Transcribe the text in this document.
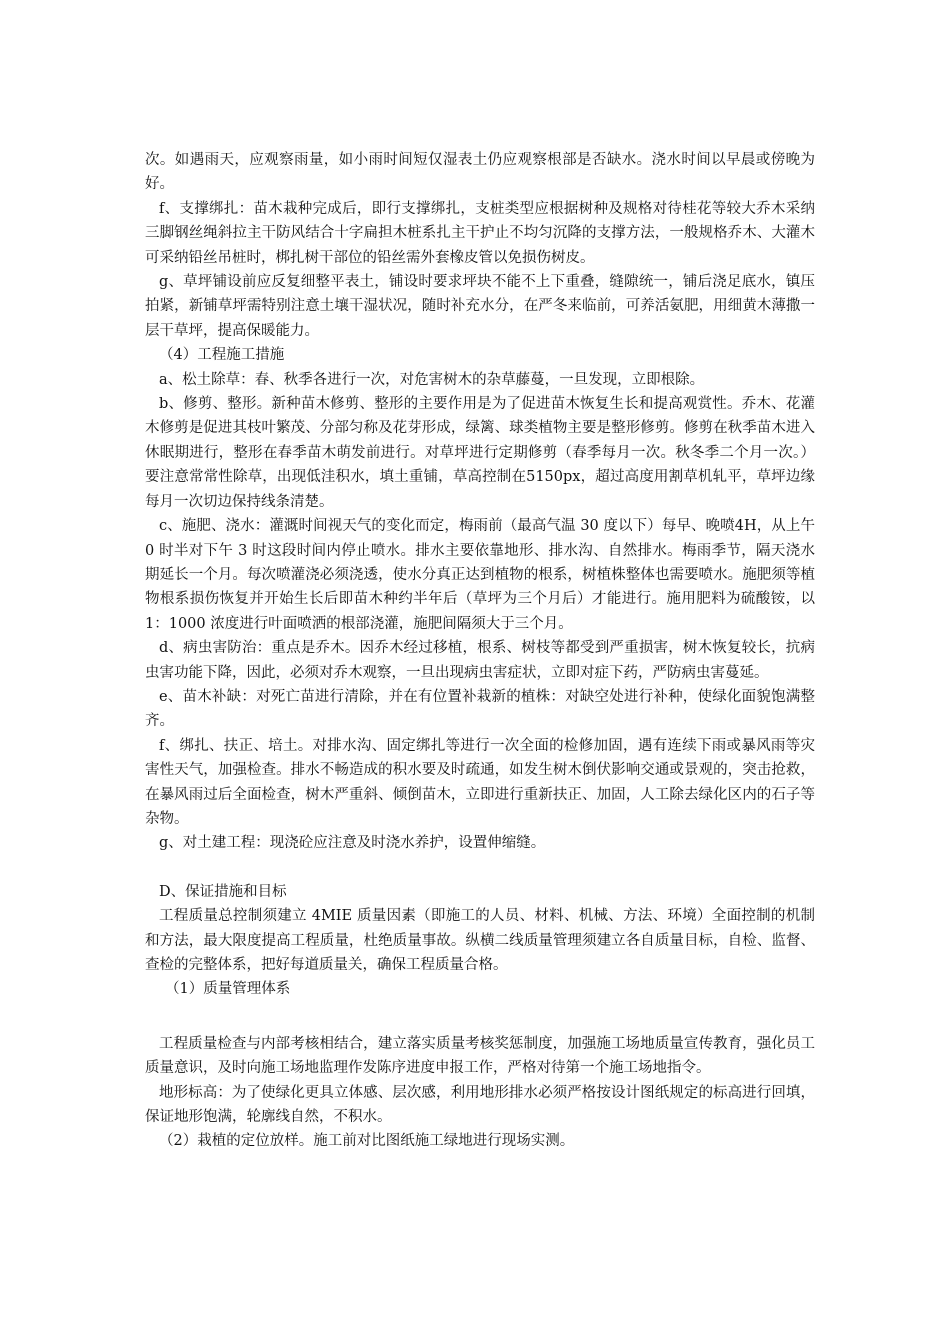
次。如遇雨天，应观察雨量，如小雨时间短仅湿表土仍应观察根部是否缺水。浇水时间以早晨或傍晚为好。

f、支撑绑扎：苗木栽种完成后，即行支撑绑扎，支桩类型应根据树种及规格对待桂花等较大乔木采纳三脚钢丝绳斜拉主干防风结合十字扁担木桩系扎主干护止不均匀沉降的支撑方法，一般规格乔木、大灌木可采纳铅丝吊桩时，梆扎树干部位的铅丝需外套橡皮管以免损伤树皮。

g、草坪铺设前应反复细整平表土，铺设时要求坪块不能不上下重叠，缝隙统一，铺后浇足底水，镇压拍紧，新铺草坪需特别注意土壤干湿状况，随时补充水分，在严冬来临前，可养活氨肥，用细黄木薄撒一层干草坪，提高保暖能力。

（4）工程施工措施

a、松土除草：春、秋季各进行一次，对危害树木的杂草藤蔓，一旦发现，立即根除。

b、修剪、整形。新种苗木修剪、整形的主要作用是为了促进苗木恢复生长和提高观赏性。乔木、花灌木修剪是促进其枝叶繁茂、分部匀称及花芽形成，绿篱、球类植物主要是整形修剪。修剪在秋季苗木进入休眠期进行，整形在春季苗木萌发前进行。对草坪进行定期修剪（春季每月一次。秋冬季二个月一次。）要注意常常性除草，出现低洼积水，填土重铺，草高控制在5150px，超过高度用割草机轧平，草坪边缘每月一次切边保持线条清楚。

c、施肥、浇水：灌溉时间视天气的变化而定，梅雨前（最高气温 30 度以下）每早、晚喷4H，从上午 0 时半对下午 3 时这段时间内停止喷水。排水主要依靠地形、排水沟、自然排水。梅雨季节，隔天浇水期延长一个月。每次喷灌浇必须浇透，使水分真正达到植物的根系，树植株整体也需要喷水。施肥须等植物根系损伤恢复并开始生长后即苗木种约半年后（草坪为三个月后）才能进行。施用肥料为硫酸铵，以 1：1000 浓度进行叶面喷洒的根部浇灌，施肥间隔须大于三个月。

d、病虫害防治：重点是乔木。因乔木经过移植，根系、树枝等都受到严重损害，树木恢复较长，抗病虫害功能下降，因此，必须对乔木观察，一旦出现病虫害症状，立即对症下药，严防病虫害蔓延。

e、苗木补缺：对死亡苗进行清除，并在有位置补栽新的植株：对缺空处进行补种，使绿化面貌饱满整齐。

f、绑扎、扶正、培土。对排水沟、固定绑扎等进行一次全面的检修加固，遇有连续下雨或暴风雨等灾害性天气，加强检查。排水不畅造成的积水要及时疏通，如发生树木倒伏影响交通或景观的，突击抢救，在暴风雨过后全面检查，树木严重斜、倾倒苗木，立即进行重新扶正、加固，人工除去绿化区内的石子等杂物。

g、对土建工程：现浇砼应注意及时浇水养护，设置伸缩缝。

D、保证措施和目标

工程质量总控制须建立 4MIE 质量因素（即施工的人员、材料、机械、方法、环境）全面控制的机制和方法，最大限度提高工程质量，杜绝质量事故。纵横二线质量管理须建立各自质量目标，自检、监督、查检的完整体系，把好每道质量关，确保工程质量合格。

（1）质量管理体系

工程质量检查与内部考核相结合，建立落实质量考核奖惩制度，加强施工场地质量宣传教育，强化员工质量意识，及时向施工场地监理作发陈序进度申报工作，严格对待第一个施工场地指令。

地形标高：为了使绿化更具立体感、层次感，利用地形排水必须严格按设计图纸规定的标高进行回填，保证地形饱满，轮廓线自然，不积水。

（2）栽植的定位放样。施工前对比图纸施工绿地进行现场实测。
